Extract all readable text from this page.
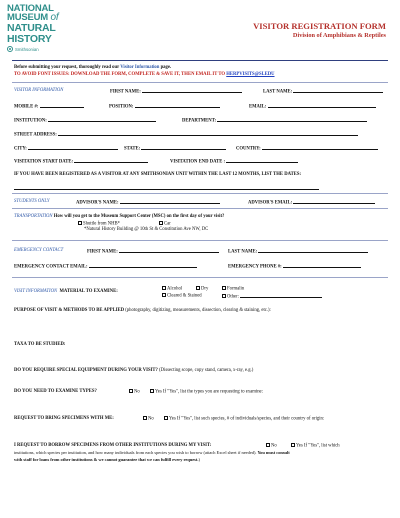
NATIONAL
MUSEUM of
NATURAL
HISTORY
Smithsonian
VISITOR REGISTRATION FORM
Division of Amphibians & Reptiles
Before submitting your request, thoroughly read our Visitor Information page.
TO AVOID FONT ISSUES: DOWNLOAD THE FORM, COMPLETE & SAVE IT, THEN EMAIL IT TO HERPVISITS@SI.EDU
VISITOR INFORMATION	FIRST NAME:	LAST NAME:
MOBILE #:	POSITION:	EMAIL:
INSTITUTION:	DEPARTMENT:
STREET ADDRESS:
CITY:	STATE:	COUNTRY:
VISITATION START DATE:	VISITATION END DATE :
IF YOU HAVE BEEN REGISTERED AS A VISITOR AT ANY SMITHSONIAN UNIT WITHIN THE LAST 12 MONTHS, LIST THE DATES:
STUDENTS ONLY	ADVISOR'S NAME:	ADVISOR'S EMAIL:
TRANSPORTATION How will you get to the Museum Support Center (MSC) on the first day of your visit?
Shuttle from NHB*	Car
*Natural History Building @ 10th St & Constitution Ave NW, DC
EMERGENCY CONTACT	FIRST NAME:	LAST NAME:
EMERGENCY CONTACT EMAIL:	EMERGENCY PHONE #:
VISIT INFORMATION MATERIAL TO EXAMINE:	Alcohol	Dry	Formalin
Cleared & Stained	Other:
PURPOSE OF VISIT & METHODS TO BE APPLIED (photography, digitizing, measurements, dissection, clearing & staining, etc.):
TAXA TO BE STUDIED:
DO YOU REQUIRE SPECIAL EQUIPMENT DURING YOUR VISIT? (Dissecting scope, copy stand, camera, x-ray, e.g.)
DO YOU NEED TO EXAMINE TYPES?	No	Yes If "Yes", list the types you are requesting to examine:
REQUEST TO BRING SPECIMENS WITH ME:	No	Yes If "Yes", list such species, # of individuals/species, and their country of origin:
I REQUEST TO BORROW SPECIMENS FROM OTHER INSTITUTIONS DURING MY VISIT:	No	Yes If "Yes", list which
institutions, which species per institution, and how many individuals from each species you wish to borrow (attach Excel sheet if needed). You must consult
with staff for loans from other institutions & we cannot guarantee that we can fulfill every request.)
